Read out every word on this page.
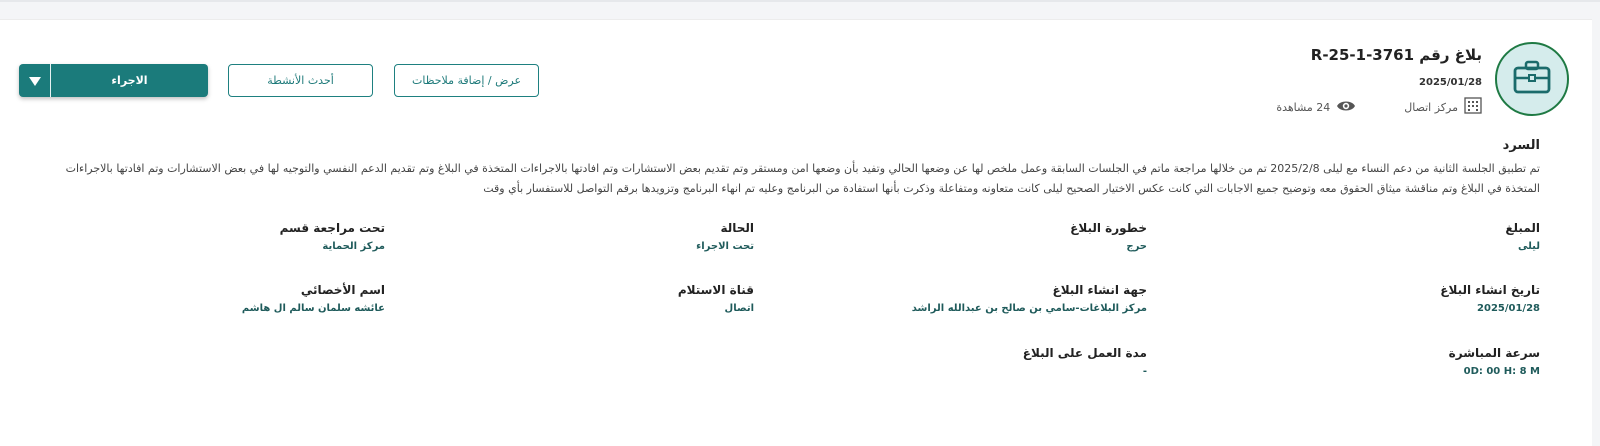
بلاغ رقم R-25-1-3761
2025/01/28
مركز اتصال
24 مشاهدة
عرض / إضافة ملاحظات
أحدث الأنشطة
الاجراء
السرد

تم تطبيق الجلسة الثانية من دعم النساء مع ليلى 2025/2/8 تم من خلالها مراجعة ماتم في الجلسات السابقة وعمل ملخص لها عن وضعها الحالي وتفيد بأن وضعها امن ومستقر وتم تقديم بعض الاستشارات وتم افادتها بالاجراءات المتخذة في البلاغ وتم تقديم الدعم النفسي والتوجيه لها في بعض الاستشارات وتم افادتها بالاجراءات المتخذة في البلاغ وتم مناقشة ميثاق الحقوق معه وتوضيح جميع الاجابات التي كانت عكس الاختيار الصحيح ليلى كانت متعاونه ومتفاعلة وذكرت بأنها استفادة من البرنامج وعليه تم انهاء البرنامج وتزويدها برقم التواصل للاستفسار بأي وقت

المبلغ
ليلى
خطورة البلاغ
حرج
الحالة
تحت الاجراء
تحت مراجعة قسم
مركز الحماية
تاريخ انشاء البلاغ
2025/01/28
جهة انشاء البلاغ
مركز البلاغات-سامي بن صالح بن عبدالله الراشد
قناة الاستلام
اتصال
اسم الأخصائي
عائشه سلمان سالم ال هاشم
سرعة المباشرة
0D: 00 H: 8 M
مدة العمل على البلاغ
-
